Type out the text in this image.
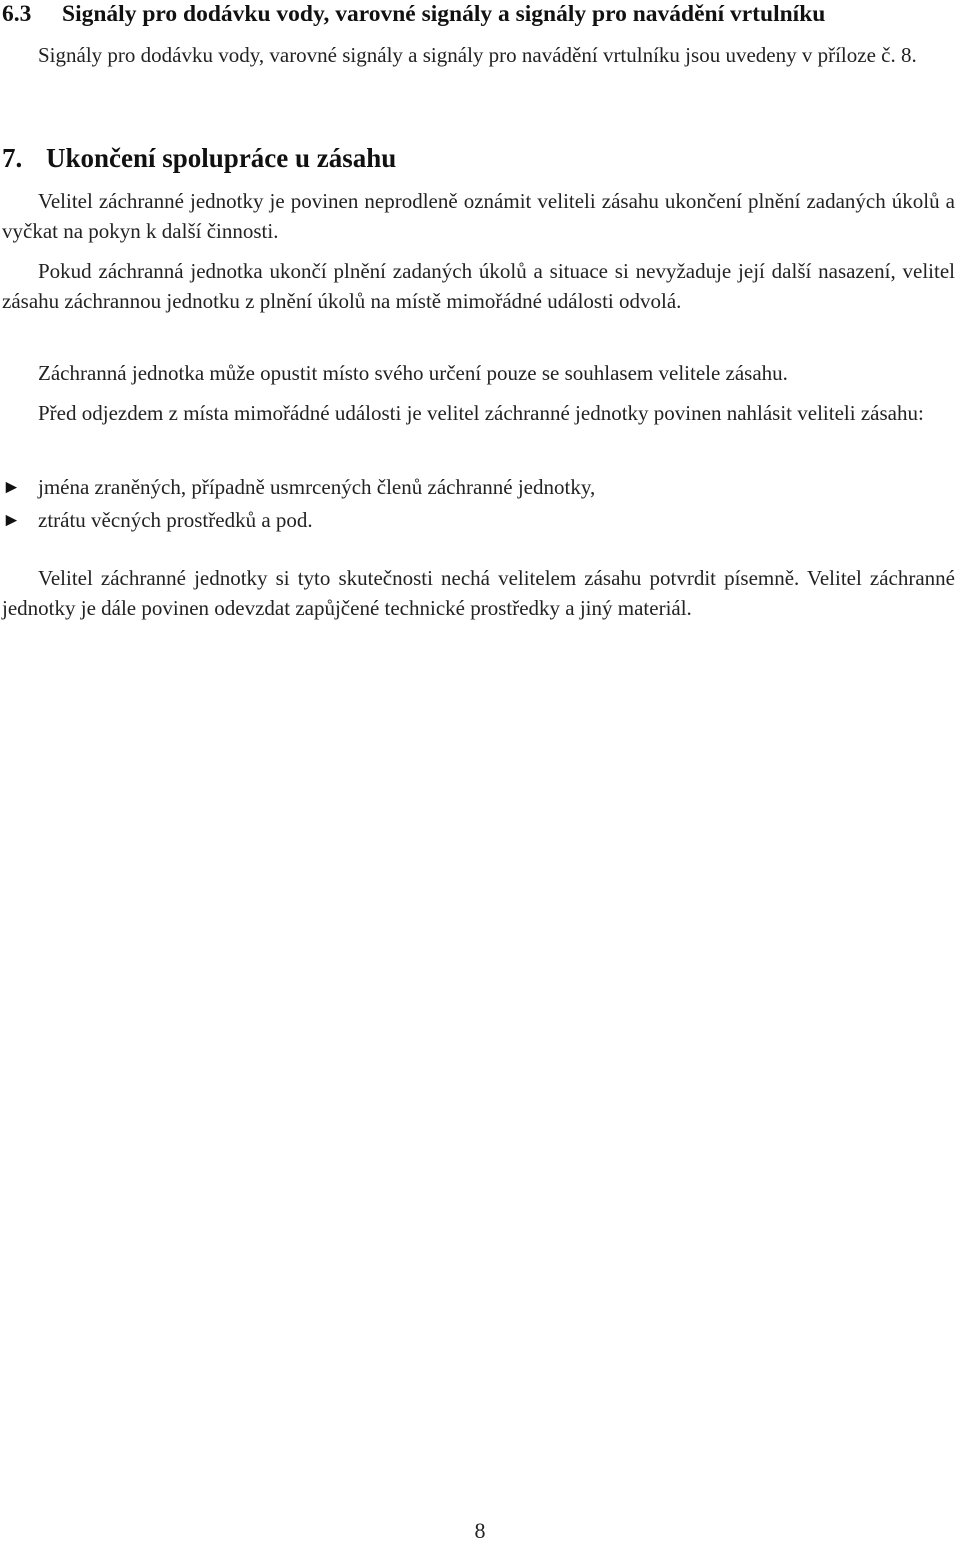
6.3 Signály pro dodávku vody, varovné signály a signály pro navádění vrtulníku

Signály pro dodávku vody, varovné signály a signály pro navádění vrtulníku jsou uvedeny v příloze č. 8.

7. Ukončení spolupráce u zásahu

Velitel záchranné jednotky je povinen neprodleně oznámit veliteli zásahu ukončení plnění zadaných úkolů a vyčkat na pokyn k další činnosti.

Pokud záchranná jednotka ukončí plnění zadaných úkolů a situace si nevyžaduje její další nasazení, velitel zásahu záchrannou jednotku z plnění úkolů na místě mimořádné události odvolá.

Záchranná jednotka může opustit místo svého určení pouze se souhlasem velitele zásahu.

Před odjezdem z místa mimořádné události je velitel záchranné jednotky povinen nahlásit veliteli zásahu:

► jména zraněných, případně usmrcených členů záchranné jednotky,
► ztrátu věcných prostředků a pod.

Velitel záchranné jednotky si tyto skutečnosti nechá velitelem zásahu potvrdit písemně. Velitel záchranné jednotky je dále povinen odevzdat zapůjčené technické prostředky a jiný materiál.

8
